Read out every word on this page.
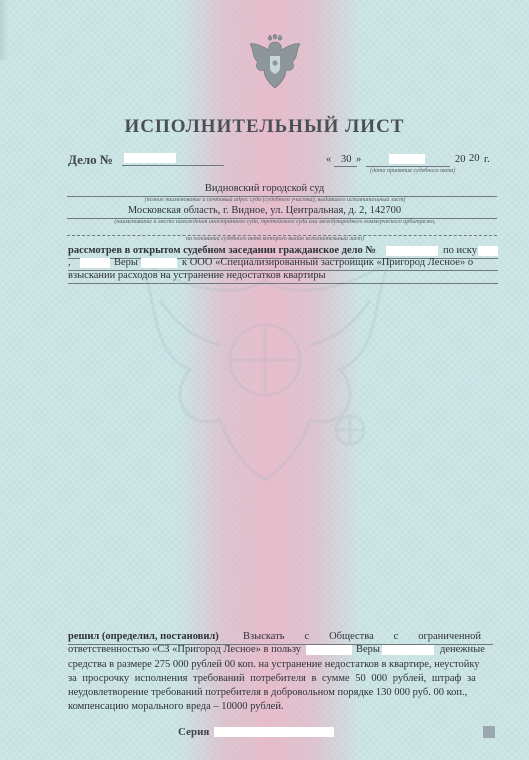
ИСПОЛНИТЕЛЬНЫЙ ЛИСТ
Дело №	« 30 »	20 20 г.
(дата принятия судебного акта)
Видновский городской суд
(полное наименование и почтовый адрес суда (судебного участка), выдавшего исполнительный лист)
Московская область, г. Видное, ул. Центральная, д. 2, 142700
(наименование и место нахождения иностранного суда, третейского суда или международного коммерческого арбитража,
на основании судебного акта которого выдан исполнительный лист)
рассмотрев в открытом судебном заседании гражданское дело №	по иску
,	Веры	к ООО «Специализированный застройщик «Пригород Лесное» о
взыскании расходов на устранение недостатков квартиры
решил (определил, постановил) Взыскать с Общества с ограниченной
ответственностью «СЗ «Пригород Лесное» в пользу	Веры	денежные
средства в размере 275 000 рублей 00 коп. на устранение недостатков в квартире, неустойку
за просрочку исполнения требований потребителя в сумме 50 000 рублей, штраф за
неудовлетворение требований потребителя в добровольном порядке 130 000 руб. 00 коп.,
компенсацию морального вреда – 10000 рублей.
Серия
